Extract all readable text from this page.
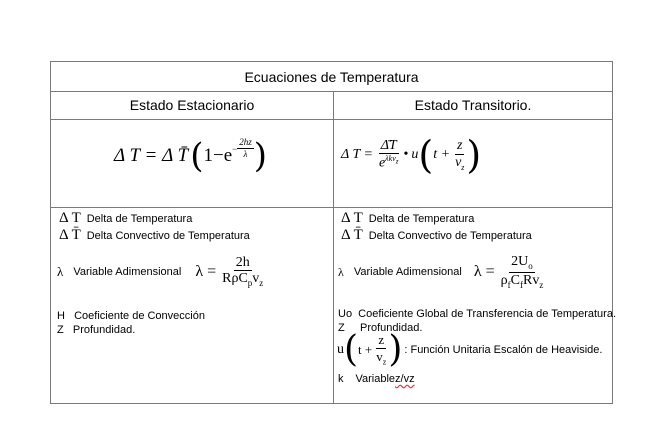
Ecuaciones de Temperatura
Estado Estacionario	Estado Transitorio.
Δ T = Δ T̄ ( $1-e - \frac{2hz}{\lambda}$ )	Δ $T = \frac{\DeltāT}{e^{\lambda kv_z}}$ • u ( $t + \frac{z}{v_z}$ )
Δ T Delta de Temperatura
Δ T̄ Delta Convectivo de Temperatura
λ Variable Adimensional $\lambda = \frac{2h}{R\rho C_pv_z}$
H   Coeficiente de Convección
Z   Profundidad.
Δ T Delta de Temperatura
Δ T̄ Delta Convectivo de Temperatura
λ Variable Adimensional $\lambda = \frac{2U_o}{\rho_fC_fRv_z}$
Uo  Coeficiente Global de Transferencia de Temperatura.
Z     Profundidad.
u ( $t + \frac{z}{v_z}$ ) : Función Unitaria Escalón de Heaviside.
k Variable z/vz
